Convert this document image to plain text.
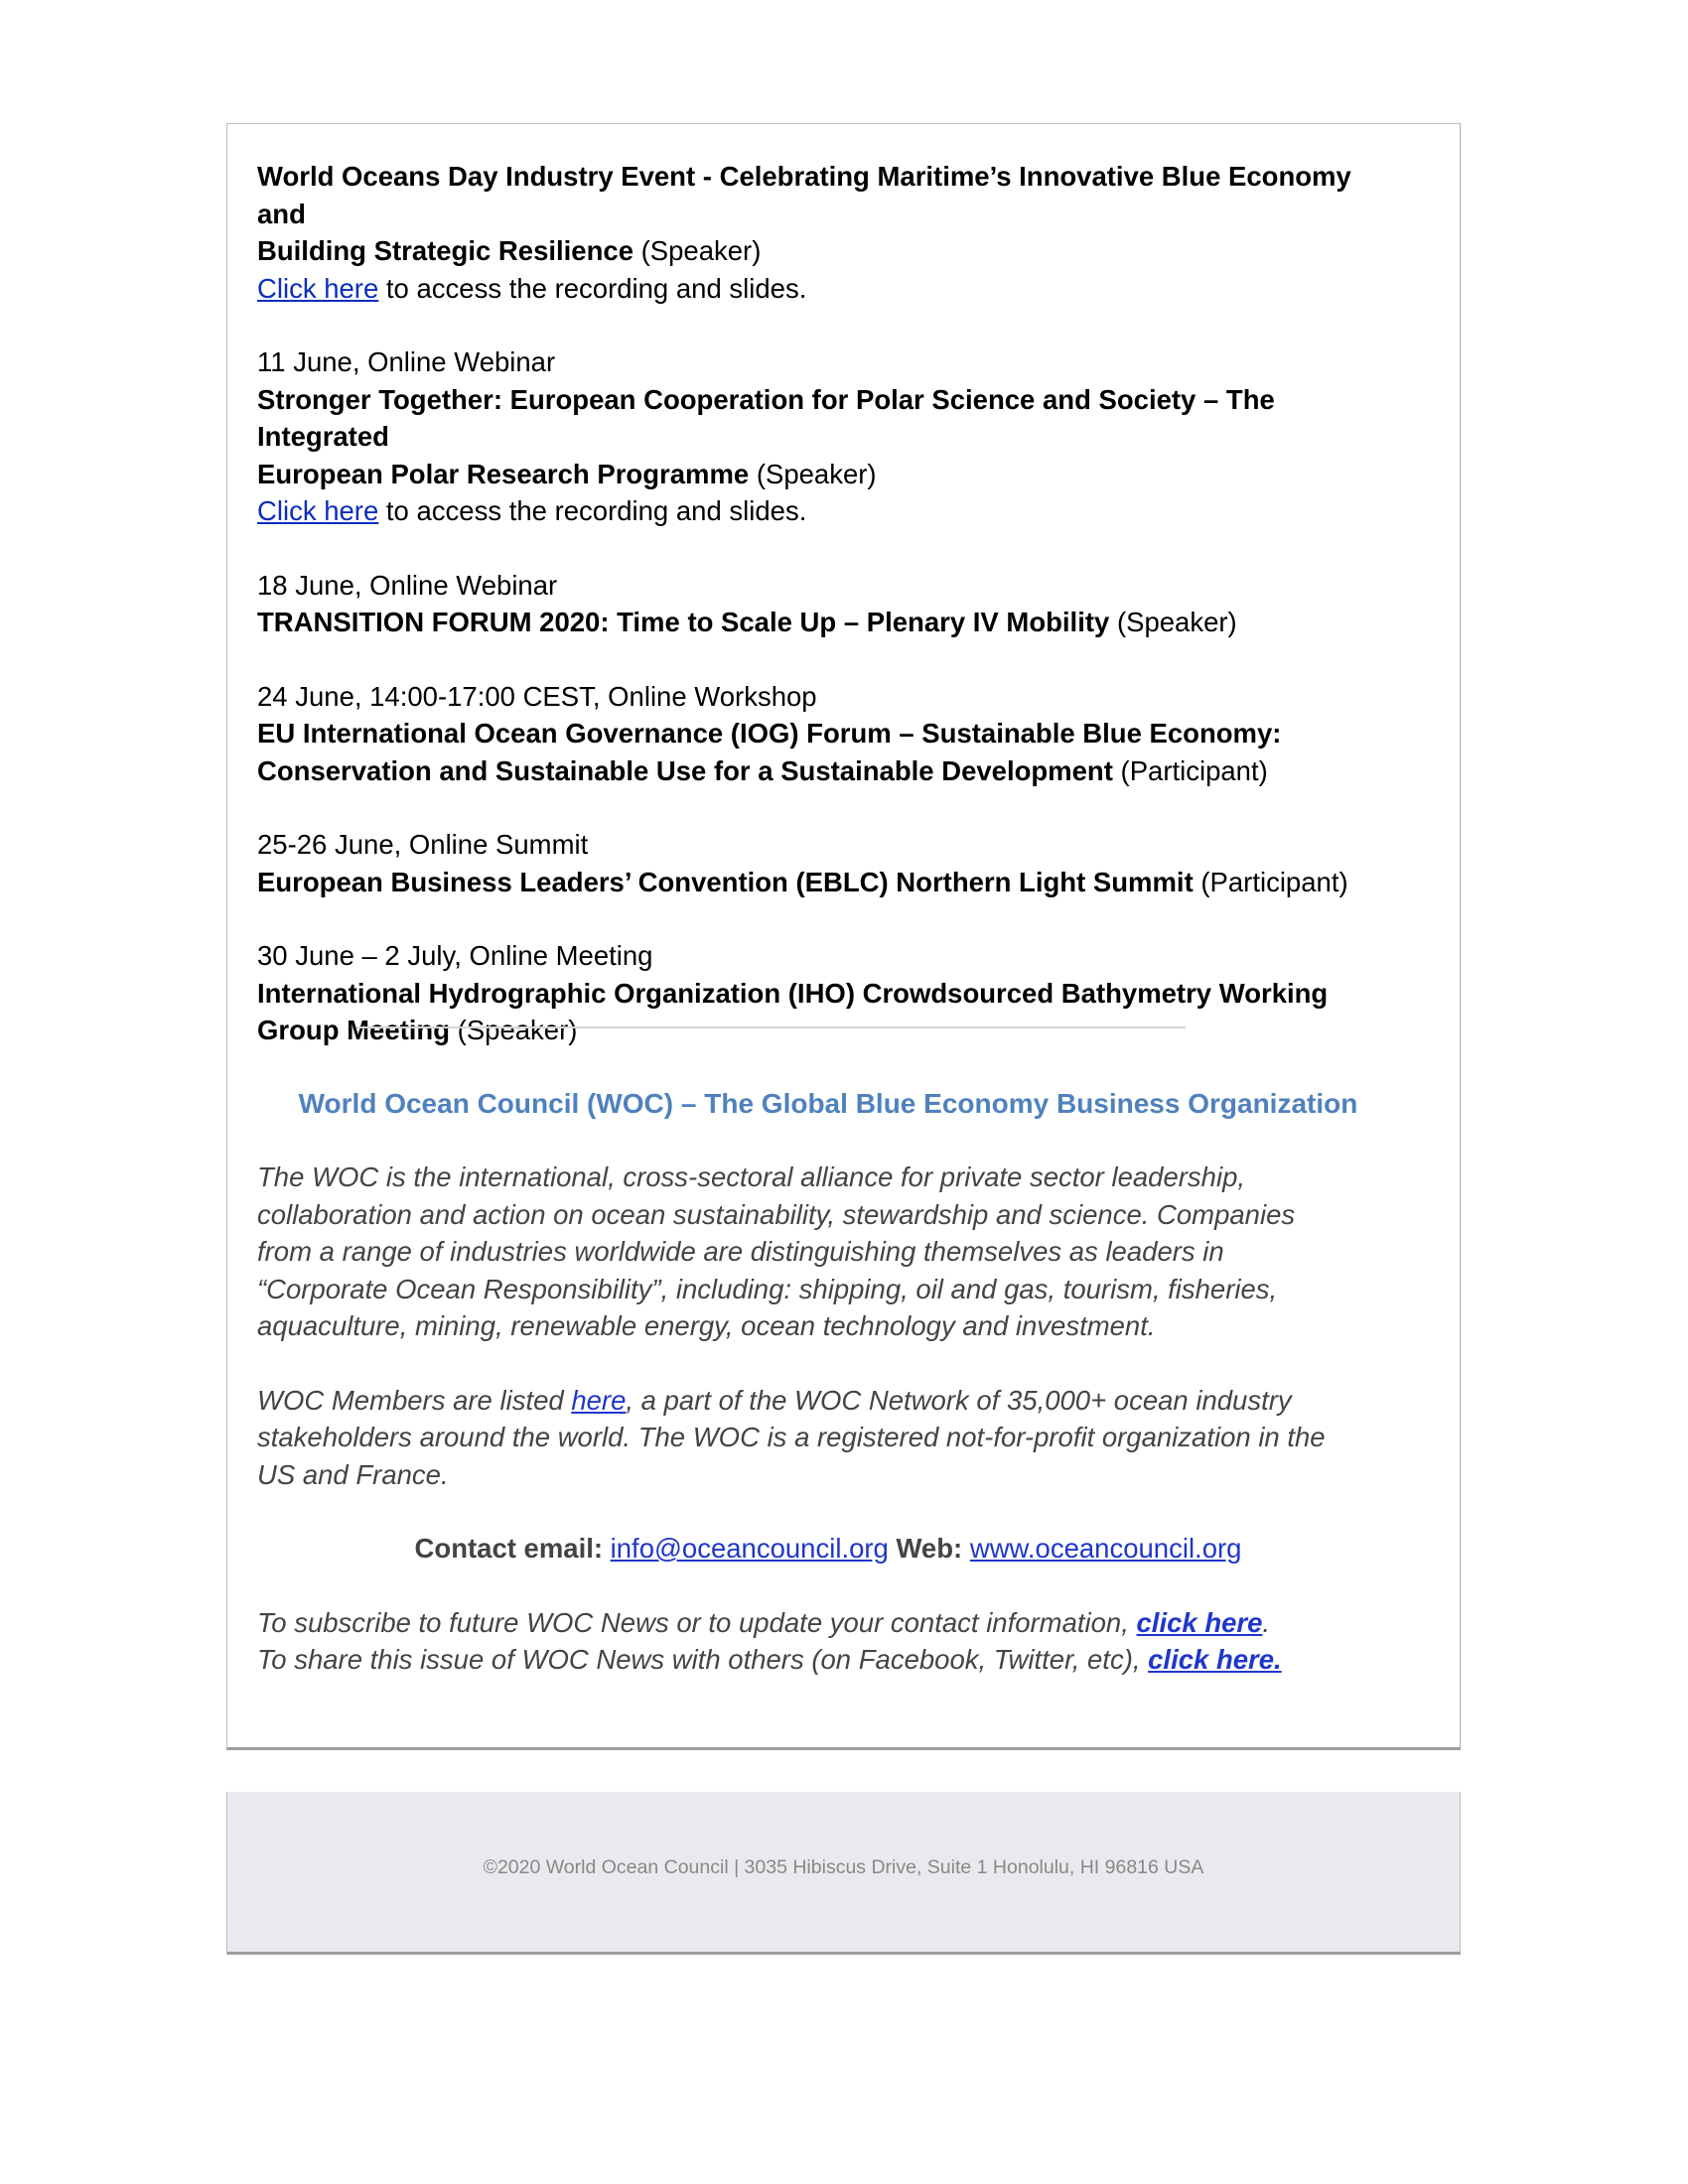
World Oceans Day Industry Event - Celebrating Maritime’s Innovative Blue Economy and
Building Strategic Resilience (Speaker)
Click here to access the recording and slides.
11 June, Online Webinar
Stronger Together: European Cooperation for Polar Science and Society – The Integrated
European Polar Research Programme (Speaker)
Click here to access the recording and slides.
18 June, Online Webinar
TRANSITION FORUM 2020: Time to Scale Up – Plenary IV Mobility (Speaker)
24 June, 14:00-17:00 CEST, Online Workshop
EU International Ocean Governance (IOG) Forum – Sustainable Blue Economy:
Conservation and Sustainable Use for a Sustainable Development (Participant)
25-26 June, Online Summit
European Business Leaders’ Convention (EBLC) Northern Light Summit (Participant)
30 June – 2 July, Online Meeting
International Hydrographic Organization (IHO) Crowdsourced Bathymetry Working
Group Meeting (Speaker)
World Ocean Council (WOC) – The Global Blue Economy Business Organization
The WOC is the international, cross-sectoral alliance for private sector leadership,
collaboration and action on ocean sustainability, stewardship and science. Companies
from a range of industries worldwide are distinguishing themselves as leaders in
“Corporate Ocean Responsibility”, including: shipping, oil and gas, tourism, fisheries,
aquaculture, mining, renewable energy, ocean technology and investment.
WOC Members are listed here, a part of the WOC Network of 35,000+ ocean industry
stakeholders around the world. The WOC is a registered not-for-profit organization in the
US and France.
Contact email: info@oceancouncil.org Web: www.oceancouncil.org

To subscribe to future WOC News or to update your contact information, click here.
To share this issue of WOC News with others (on Facebook, Twitter, etc), click here.

©2020 World Ocean Council | 3035 Hibiscus Drive, Suite 1 Honolulu, HI 96816 USA
